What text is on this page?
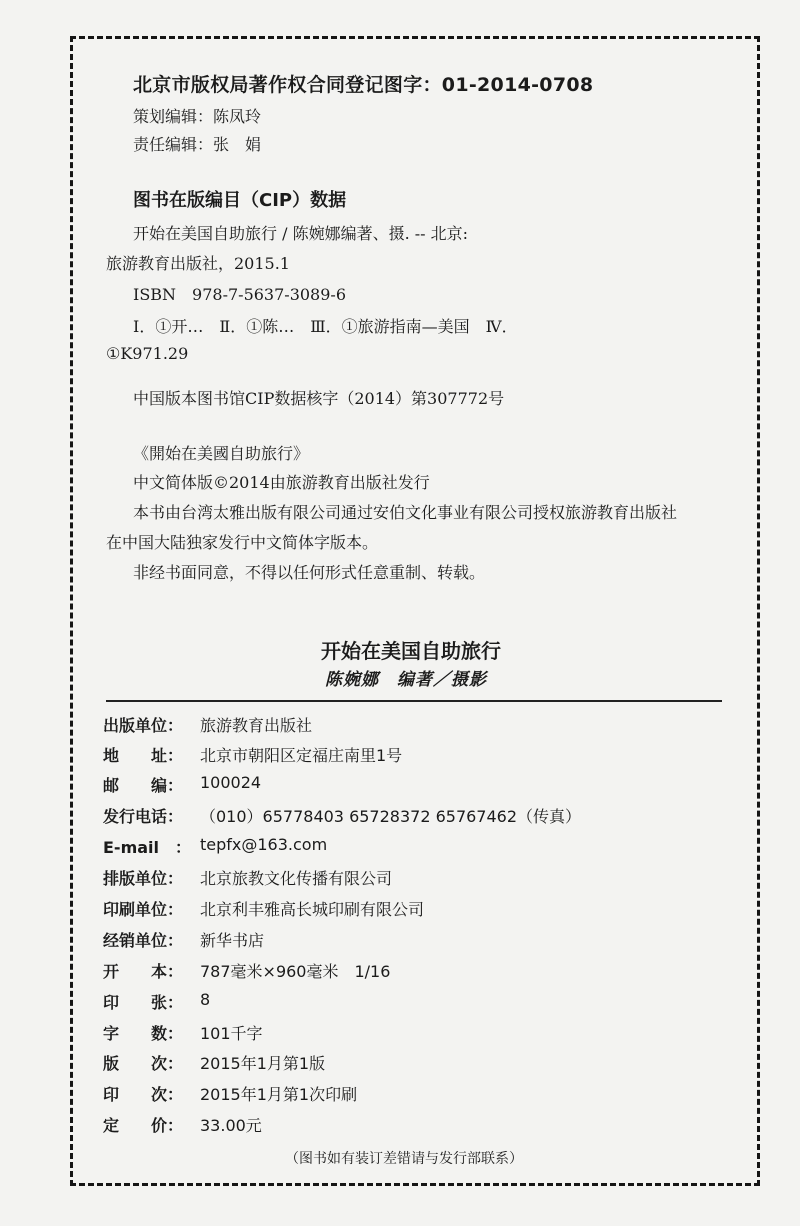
北京市版权局著作权合同登记图字：01-2014-0708
策划编辑：陈凤玲
责任编辑：张　娟
图书在版编目（CIP）数据
开始在美国自助旅行 / 陈婉娜编著、摄. -- 北京:
旅游教育出版社，2015.1
ISBN　978-7-5637-3089-6
Ⅰ．①开…　Ⅱ．①陈…　Ⅲ．①旅游指南—美国　Ⅳ．
①K971.29
中国版本图书馆CIP数据核字（2014）第307772号
《開始在美國自助旅行》
中文简体版©2014由旅游教育出版社发行
本书由台湾太雅出版有限公司通过安伯文化事业有限公司授权旅游教育出版社
在中国大陆独家发行中文简体字版本。
非经书面同意，不得以任何形式任意重制、转载。
开始在美国自助旅行
陈婉娜　编著／摄影
出版单位： 旅游教育出版社
地　　址： 北京市朝阳区定福庄南里1号
邮　　编： 100024
发行电话： （010）65778403 65728372 65767462（传真）
E-mail　： tepfx@163.com
排版单位： 北京旅教文化传播有限公司
印刷单位： 北京利丰雅高长城印刷有限公司
经销单位： 新华书店
开　　本： 787毫米×960毫米　1/16
印　　张： 8
字　　数： 101千字
版　　次： 2015年1月第1版
印　　次： 2015年1月第1次印刷
定　　价： 33.00元
（图书如有装订差错请与发行部联系）
